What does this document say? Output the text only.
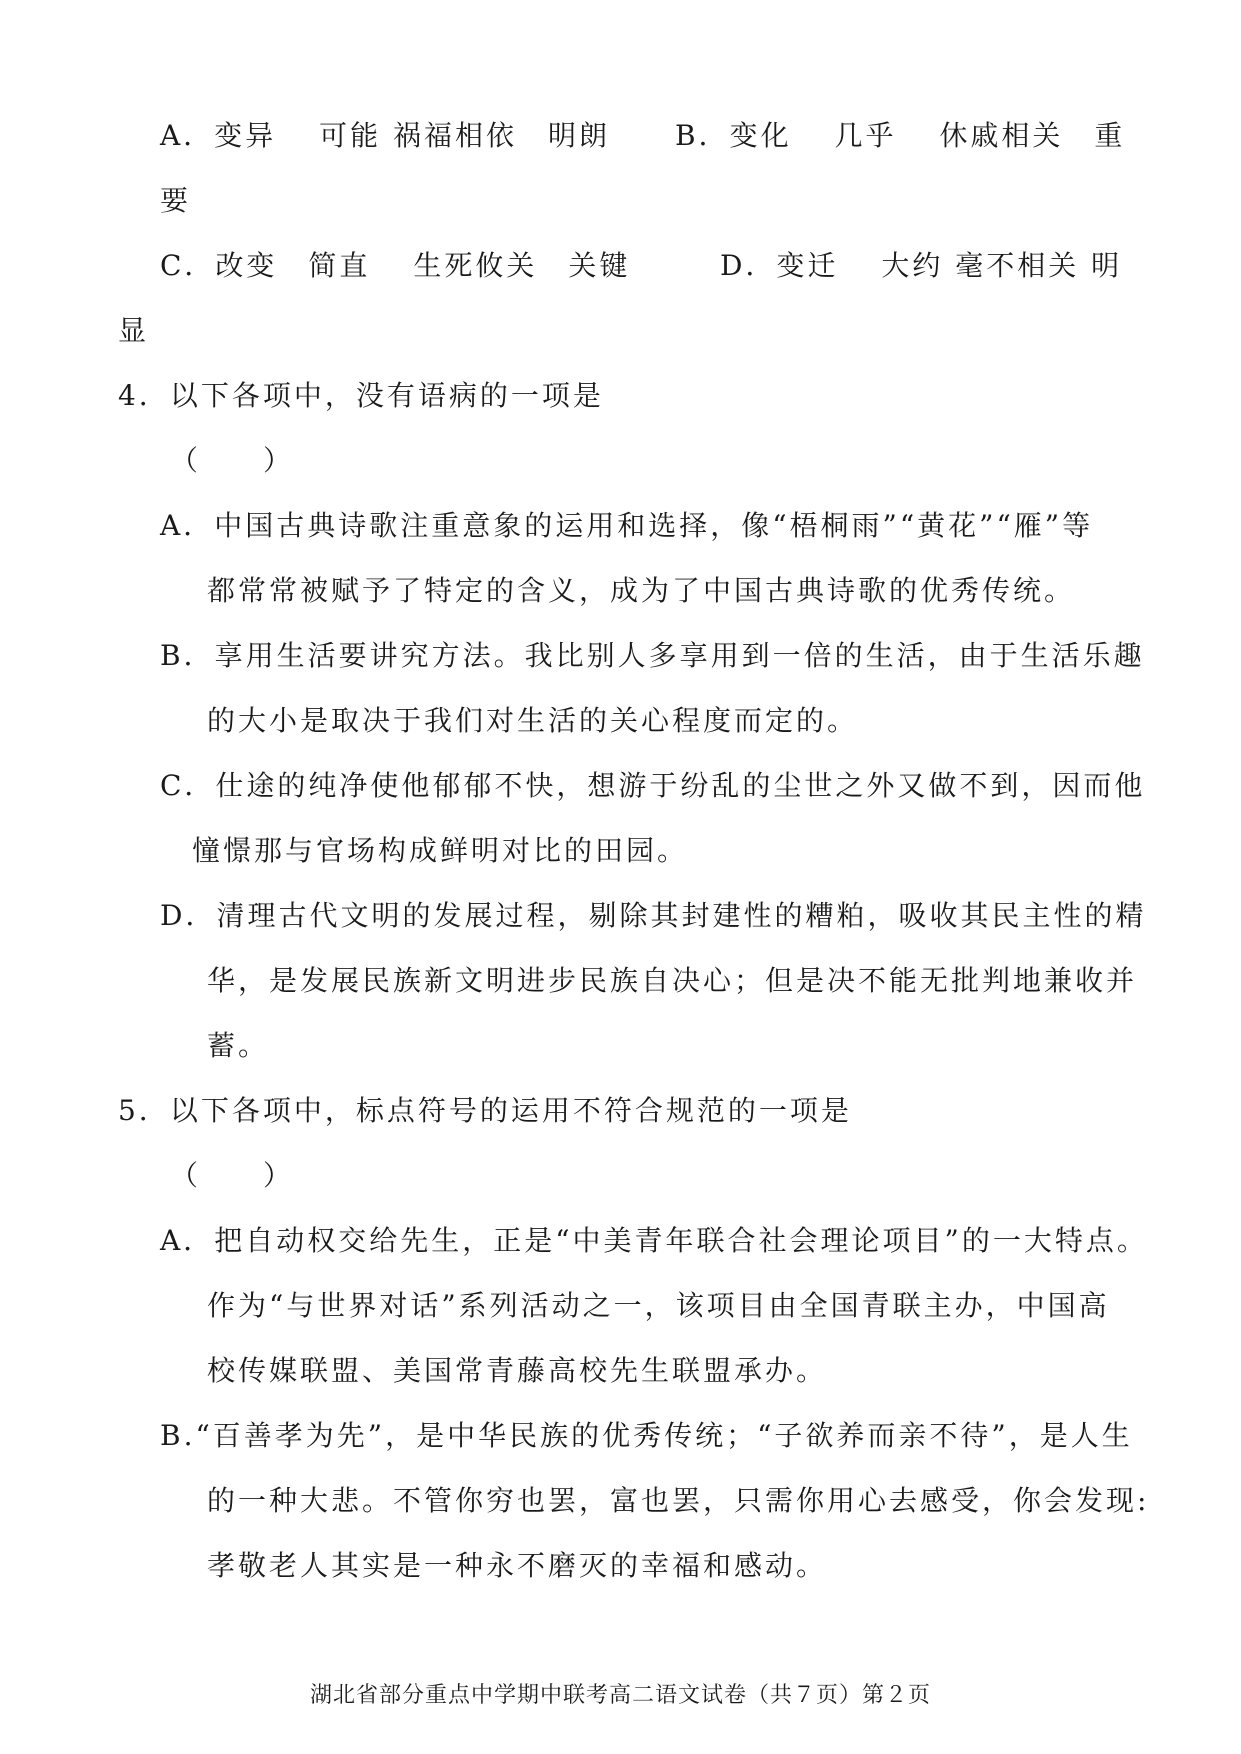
A．变异　 可能 祸福相依　明朗 B．变化　 几乎　 休戚相关　重
要
C．改变　简直　 生死攸关　关键	D．变迁　 大约 毫不相关 明
显
4．以下各项中，没有语病的一项是
（　　）
A．中国古典诗歌注重意象的运用和选择，像“梧桐雨”“黄花”“雁”等
都常常被赋予了特定的含义，成为了中国古典诗歌的优秀传统。
B．享用生活要讲究方法。我比别人多享用到一倍的生活，由于生活乐趣
的大小是取决于我们对生活的关心程度而定的。
C．仕途的纯净使他郁郁不快，想游于纷乱的尘世之外又做不到，因而他
憧憬那与官场构成鲜明对比的田园。
D．清理古代文明的发展过程，剔除其封建性的糟粕，吸收其民主性的精
华，是发展民族新文明进步民族自决心；但是决不能无批判地兼收并
蓄。
5．以下各项中，标点符号的运用不符合规范的一项是
（　　）
A．把自动权交给先生，正是“中美青年联合社会理论项目”的一大特点。
作为“与世界对话”系列活动之一，该项目由全国青联主办，中国高
校传媒联盟、美国常青藤高校先生联盟承办。
B.“百善孝为先”，是中华民族的优秀传统；“子欲养而亲不待”，是人生
的一种大悲。不管你穷也罢，富也罢，只需你用心去感受，你会发现:
孝敬老人其实是一种永不磨灭的幸福和感动。
湖北省部分重点中学期中联考高二语文试卷（共７页）第２页
